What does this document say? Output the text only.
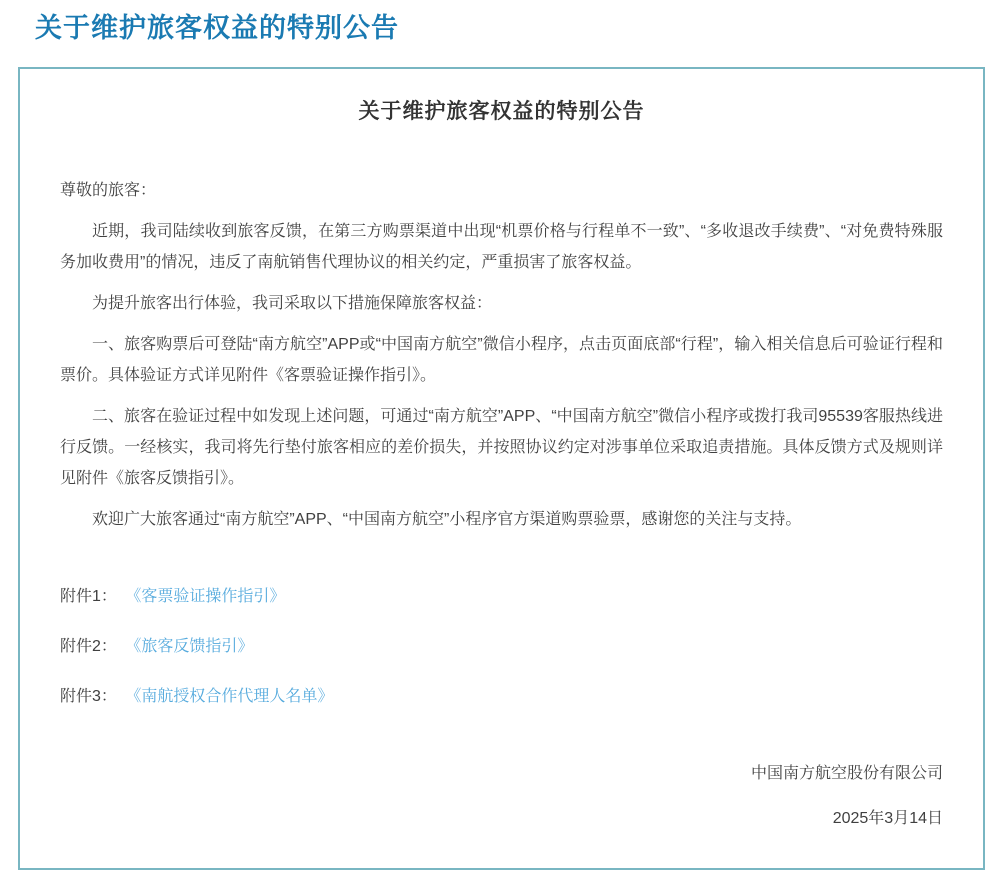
关于维护旅客权益的特别公告
关于维护旅客权益的特别公告

尊敬的旅客：

近期，我司陆续收到旅客反馈，在第三方购票渠道中出现“机票价格与行程单不一致”、“多收退改手续费”、“对免费特殊服务加收费用”的情况，违反了南航销售代理协议的相关约定，严重损害了旅客权益。

为提升旅客出行体验，我司采取以下措施保障旅客权益：

一、旅客购票后可登陆“南方航空”APP或“中国南方航空”微信小程序，点击页面底部“行程”，输入相关信息后可验证行程和票价。具体验证方式详见附件《客票验证操作指引》。

二、旅客在验证过程中如发现上述问题，可通过“南方航空”APP、“中国南方航空”微信小程序或拨打我司95539客服热线进行反馈。一经核实，我司将先行垫付旅客相应的差价损失，并按照协议约定对涉事单位采取追责措施。具体反馈方式及规则详见附件《旅客反馈指引》。

欢迎广大旅客通过“南方航空”APP、“中国南方航空”小程序官方渠道购票验票，感谢您的关注与支持。

附件1： 《客票验证操作指引》
附件2： 《旅客反馈指引》
附件3： 《南航授权合作代理人名单》

中国南方航空股份有限公司

2025年3月14日
